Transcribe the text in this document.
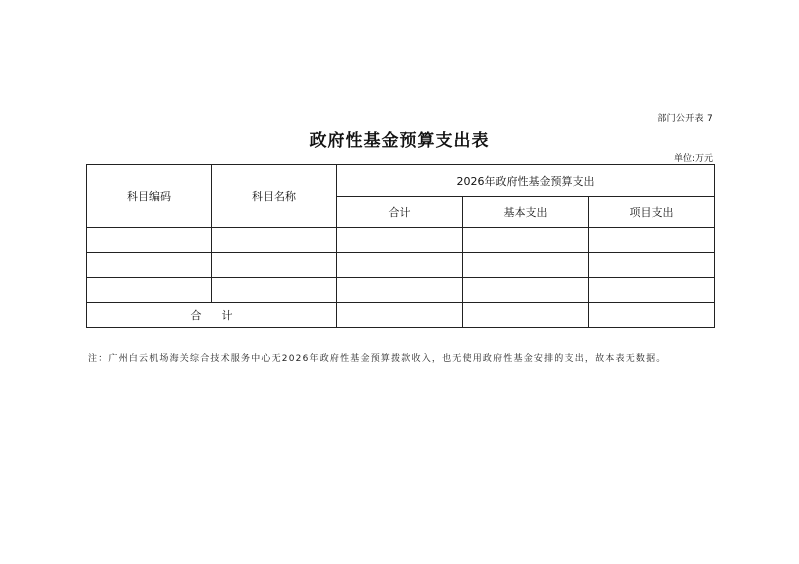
部门公开表 7
政府性基金预算支出表
单位:万元
科目编码	科目名称	2026年政府性基金预算支出		
		合计	基本支出	项目支出

合计				
注：广州白云机场海关综合技术服务中心无2026年政府性基金预算拨款收入，也无使用政府性基金安排的支出，故本表无数据。
